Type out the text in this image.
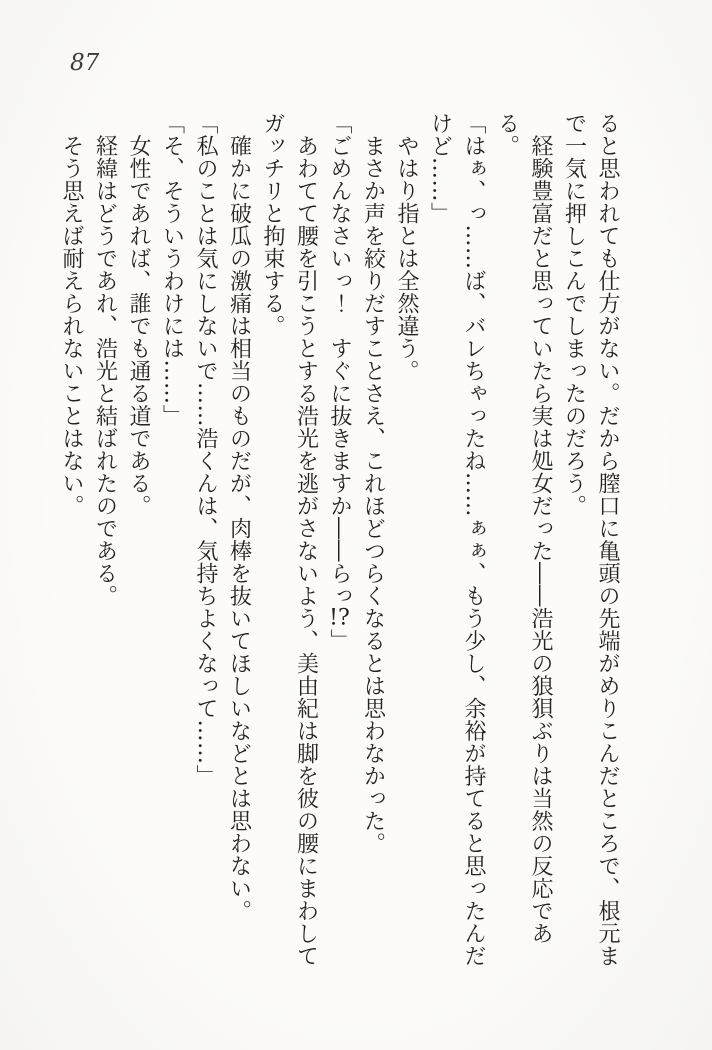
87
ると思われても仕方がない。だから膣口に亀頭の先端がめりこんだところで、根元ま
で一気に押しこんでしまったのだろう。
　経験豊富だと思っていたら実は処女だった――浩光の狼狽ぶりは当然の反応であ
る。
「はぁ、っ……ば、バレちゃったね……ぁぁ、もう少し、余裕が持てると思ったんだ
けど……」
　やはり指とは全然違う。
　まさか声を絞りだすことさえ、これほどつらくなるとは思わなかった。
「ごめんなさいっ！　すぐに抜きますか――らっ!?」
　あわてて腰を引こうとする浩光を逃がさないよう、美由紀は脚を彼の腰にまわして
ガッチリと拘束する。
　確かに破瓜の激痛は相当のものだが、肉棒を抜いてほしいなどとは思わない。
「私のことは気にしないで……浩くんは、気持ちよくなって……」
「そ、そういうわけには……」
　女性であれば、誰でも通る道である。
　経緯はどうであれ、浩光と結ばれたのである。
　そう思えば耐えられないことはない。
